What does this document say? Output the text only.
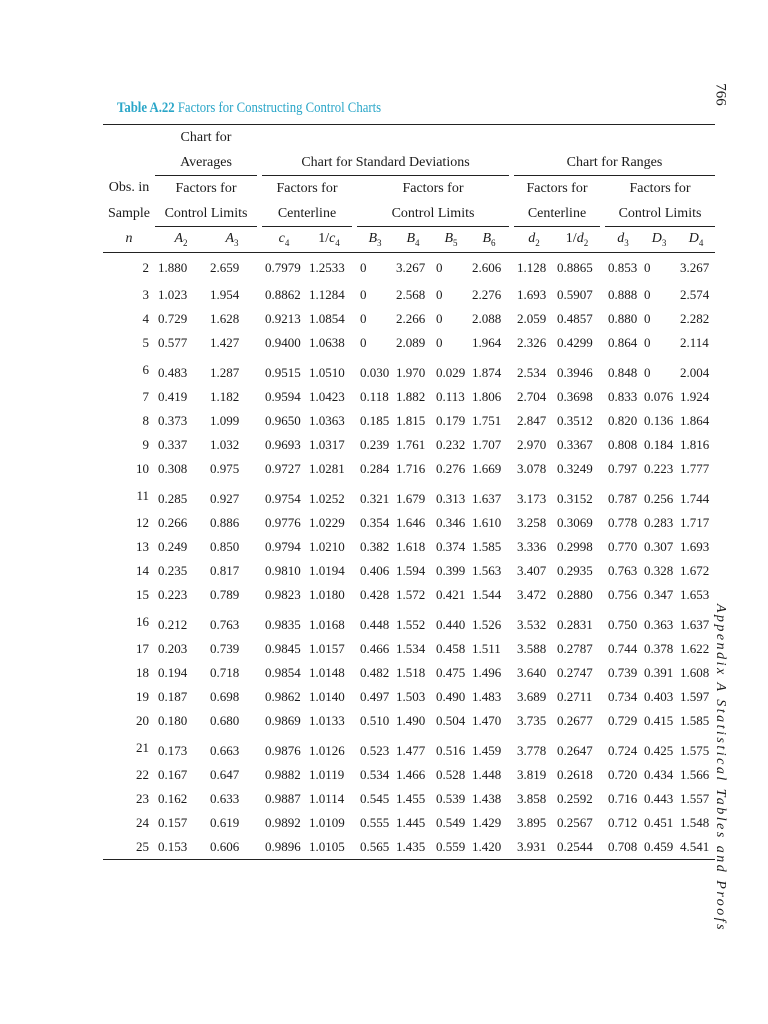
766
Appendix A Statistical Tables and Proofs
Table A.22 Factors for Constructing Control Charts
	Chart for																
	Averages			Chart for Standard Deviations								Chart for Ranges					
Obs. in	Factors for			Factors for			Factors for					Factors for			Factors for		
Sample	Control Limits			Centerline			Control Limits					Centerline			Control Limits		
n	$A_2$	$A_3$		$c_4$	$1/c_4$		$B_3$	$B_4$	$B_5$	$B_6$		$d_2$	$1/d_2$		$d_3$	$D_3$	$D_4$
2	1.880	2.659		0.7979	1.2533		0	3.267	0	2.606		1.128	0.8865		0.853	0	3.267
3	1.023	1.954		0.8862	1.1284		0	2.568	0	2.276		1.693	0.5907		0.888	0	2.574
4	0.729	1.628		0.9213	1.0854		0	2.266	0	2.088		2.059	0.4857		0.880	0	2.282
5	0.577	1.427		0.9400	1.0638		0	2.089	0	1.964		2.326	0.4299		0.864	0	2.114
6	0.483	1.287		0.9515	1.0510		0.030	1.970	0.029	1.874		2.534	0.3946		0.848	0	2.004
7	0.419	1.182		0.9594	1.0423		0.118	1.882	0.113	1.806		2.704	0.3698		0.833	0.076	1.924
8	0.373	1.099		0.9650	1.0363		0.185	1.815	0.179	1.751		2.847	0.3512		0.820	0.136	1.864
9	0.337	1.032		0.9693	1.0317		0.239	1.761	0.232	1.707		2.970	0.3367		0.808	0.184	1.816
10	0.308	0.975		0.9727	1.0281		0.284	1.716	0.276	1.669		3.078	0.3249		0.797	0.223	1.777
11	0.285	0.927		0.9754	1.0252		0.321	1.679	0.313	1.637		3.173	0.3152		0.787	0.256	1.744
12	0.266	0.886		0.9776	1.0229		0.354	1.646	0.346	1.610		3.258	0.3069		0.778	0.283	1.717
13	0.249	0.850		0.9794	1.0210		0.382	1.618	0.374	1.585		3.336	0.2998		0.770	0.307	1.693
14	0.235	0.817		0.9810	1.0194		0.406	1.594	0.399	1.563		3.407	0.2935		0.763	0.328	1.672
15	0.223	0.789		0.9823	1.0180		0.428	1.572	0.421	1.544		3.472	0.2880		0.756	0.347	1.653
16	0.212	0.763		0.9835	1.0168		0.448	1.552	0.440	1.526		3.532	0.2831		0.750	0.363	1.637
17	0.203	0.739		0.9845	1.0157		0.466	1.534	0.458	1.511		3.588	0.2787		0.744	0.378	1.622
18	0.194	0.718		0.9854	1.0148		0.482	1.518	0.475	1.496		3.640	0.2747		0.739	0.391	1.608
19	0.187	0.698		0.9862	1.0140		0.497	1.503	0.490	1.483		3.689	0.2711		0.734	0.403	1.597
20	0.180	0.680		0.9869	1.0133		0.510	1.490	0.504	1.470		3.735	0.2677		0.729	0.415	1.585
21	0.173	0.663		0.9876	1.0126		0.523	1.477	0.516	1.459		3.778	0.2647		0.724	0.425	1.575
22	0.167	0.647		0.9882	1.0119		0.534	1.466	0.528	1.448		3.819	0.2618		0.720	0.434	1.566
23	0.162	0.633		0.9887	1.0114		0.545	1.455	0.539	1.438		3.858	0.2592		0.716	0.443	1.557
24	0.157	0.619		0.9892	1.0109		0.555	1.445	0.549	1.429		3.895	0.2567		0.712	0.451	1.548
25	0.153	0.606		0.9896	1.0105		0.565	1.435	0.559	1.420		3.931	0.2544		0.708	0.459	4.541
